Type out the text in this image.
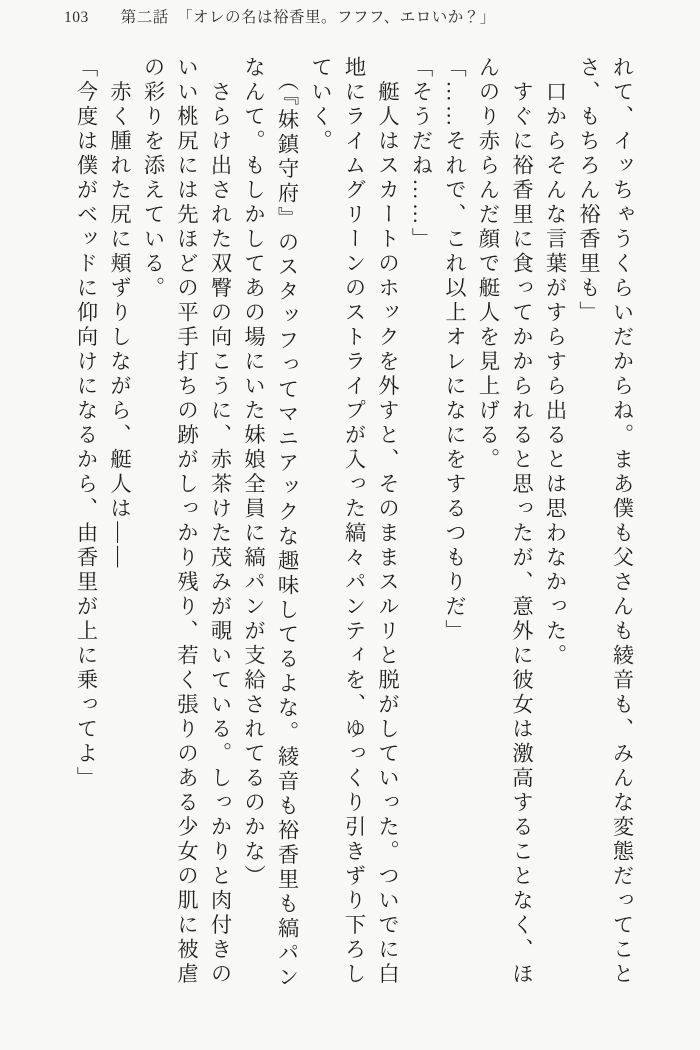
103 第二話　「オレの名は裕香里。フフフ、エロいか？」

れて、イッちゃうくらいだからね。まあ僕も父さんも綾音も、みんな変態だってことさ、もちろん裕香里も」

　口からそんな言葉がすらすら出るとは思わなかった。

　すぐに裕香里に食ってかかられると思ったが、意外に彼女は激高することなく、ほんのり赤らんだ顔で艇人を見上げる。

「……それで、これ以上オレになにをするつもりだ」

「そうだね……」

　艇人はスカートのホックを外すと、そのままスルリと脱がしていった。ついでに白地にライムグリーンのストライプが入った縞々パンティを、ゆっくり引きずり下ろしていく。

　（『妹鎮守府』のスタッフってマニアックな趣味してるよな。綾音も裕香里も縞パンなんて。もしかしてあの場にいた妹娘全員に縞パンが支給されてるのかな）

　さらけ出された双臀の向こうに、赤茶けた茂みが覗いている。しっかりと肉付きのいい桃尻には先ほどの平手打ちの跡がしっかり残り、若く張りのある少女の肌に被虐の彩りを添えている。

　赤く腫れた尻に頬ずりしながら、艇人は――

「今度は僕がベッドに仰向けになるから、由香里が上に乗ってよ」
